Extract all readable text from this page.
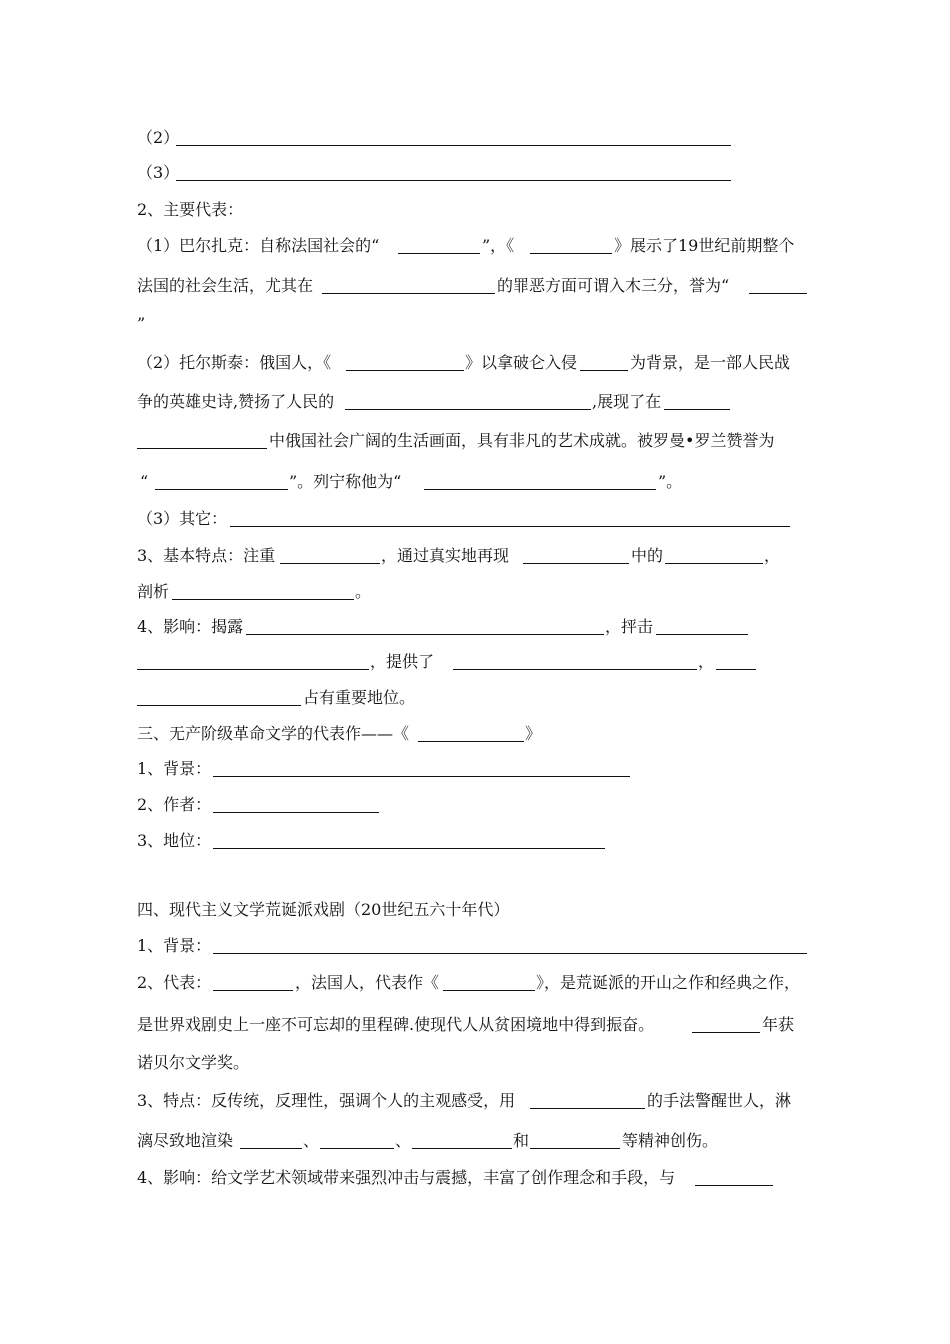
（2）
（3）
2、主要代表：
（1）巴尔扎克：自称法国社会的“	”，《	》展示了19世纪前期整个
法国的社会生活，尤其在	的罪恶方面可谓入木三分，誉为“
”
（2）托尔斯泰：俄国人，《	》以拿破仑入侵	为背景，是一部人民战
争的英雄史诗,赞扬了人民的	,展现了在
中俄国社会广阔的生活画面，具有非凡的艺术成就。被罗曼•罗兰赞誉为
“	”。列宁称他为“	”。
（3）其它：
3、基本特点：注重	，通过真实地再现	中的	，
剖析	。
4、影响：揭露	，抨击
，提供了	，
占有重要地位。
三、无产阶级革命文学的代表作——《	》
1、背景：
2、作者：
3、地位：
四、现代主义文学荒诞派戏剧（20世纪五六十年代）
1、背景：
2、代表：	，法国人，代表作《	》，是荒诞派的开山之作和经典之作，
是世界戏剧史上一座不可忘却的里程碑.使现代人从贫困境地中得到振奋。	年获
诺贝尔文学奖。
3、特点：反传统，反理性，强调个人的主观感受，用	的手法警醒世人，淋
漓尽致地渲染	、	、	和	等精神创伤。
4、影响：给文学艺术领域带来强烈冲击与震撼，丰富了创作理念和手段，与
